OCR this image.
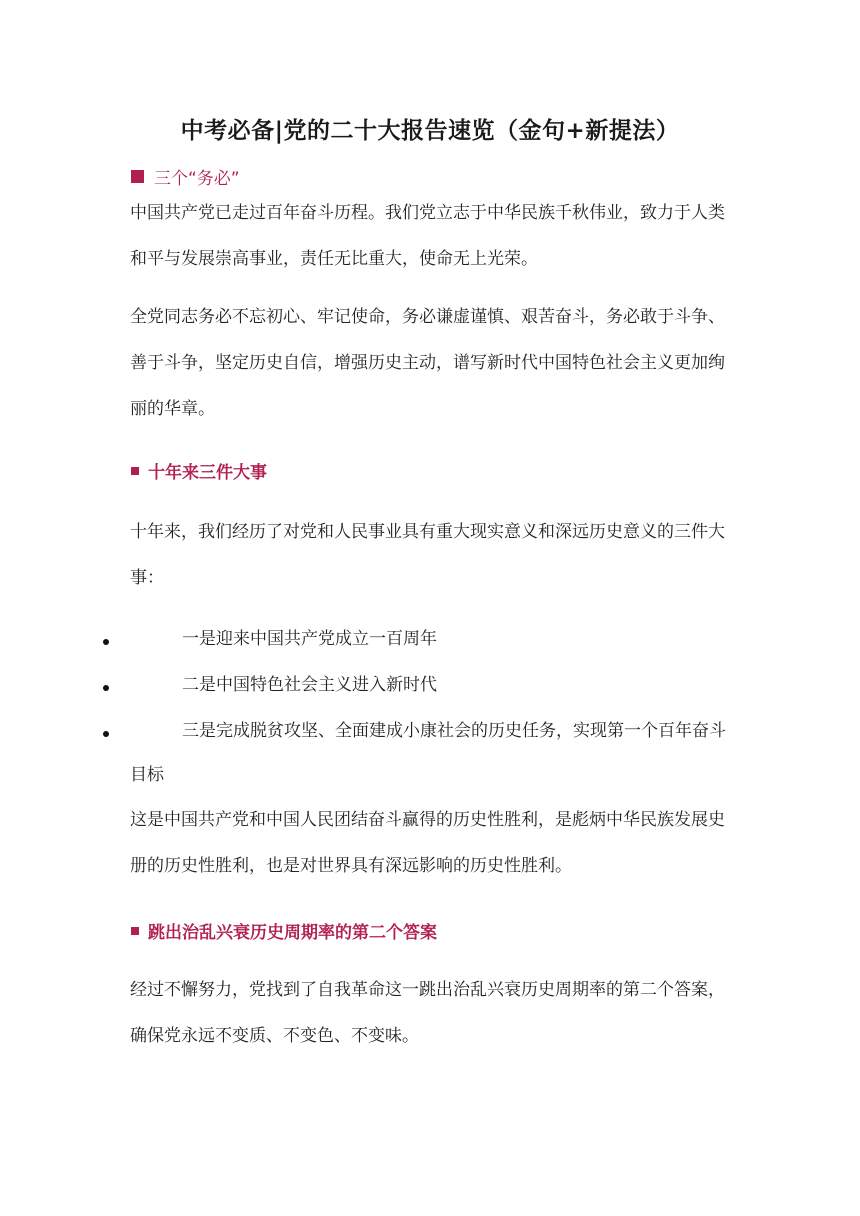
中考必备|党的二十大报告速览（金句+新提法）
三个“务必”

中国共产党已走过百年奋斗历程。我们党立志于中华民族千秋伟业，致力于人类和平与发展崇高事业，责任无比重大，使命无上光荣。

全党同志务必不忘初心、牢记使命，务必谦虚谨慎、艰苦奋斗，务必敢于斗争、善于斗争，坚定历史自信，增强历史主动，谱写新时代中国特色社会主义更加绚丽的华章。

十年来三件大事

十年来，我们经历了对党和人民事业具有重大现实意义和深远历史意义的三件大事：

一是迎来中国共产党成立一百周年

二是中国特色社会主义进入新时代

三是完成脱贫攻坚、全面建成小康社会的历史任务，实现第一个百年奋斗目标

这是中国共产党和中国人民团结奋斗赢得的历史性胜利，是彪炳中华民族发展史册的历史性胜利，也是对世界具有深远影响的历史性胜利。

跳出治乱兴衰历史周期率的第二个答案

经过不懈努力，党找到了自我革命这一跳出治乱兴衰历史周期率的第二个答案，确保党永远不变质、不变色、不变味。
